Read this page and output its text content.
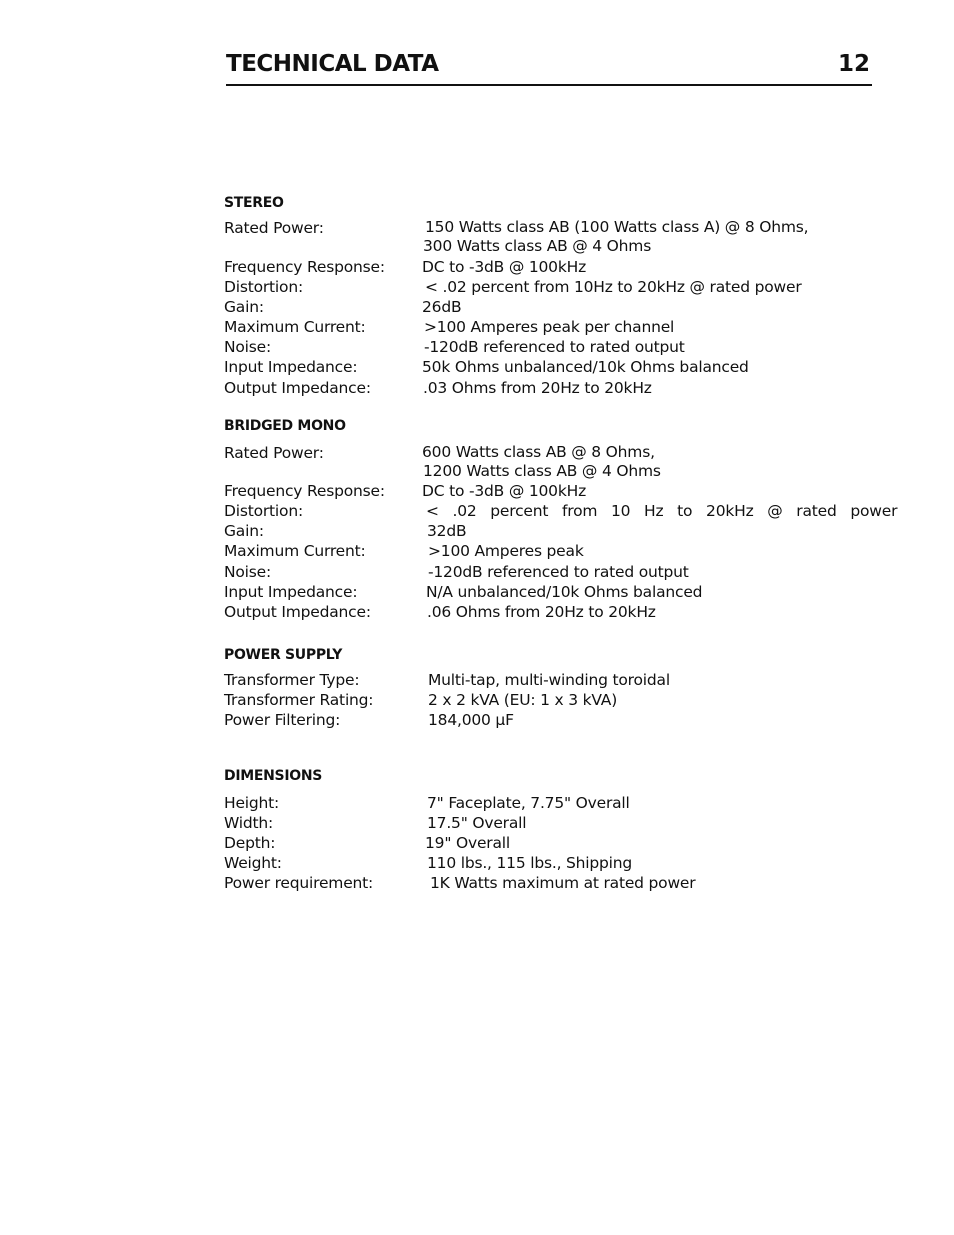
TECHNICAL DATA	12
STEREO
Rated Power:	150 Watts class AB (100 Watts class A) @ 8 Ohms,
300 Watts class AB @ 4 Ohms
Frequency Response: DC to -3dB @ 100kHz
Distortion:	< .02 percent from 10Hz to 20kHz @ rated power
Gain:	26dB
Maximum Current:	>100 Amperes peak per channel
Noise:	-120dB referenced to rated output
Input Impedance:	50k Ohms unbalanced/10k Ohms balanced
Output Impedance:	.03 Ohms from 20Hz to 20kHz
BRIDGED MONO
Rated Power:	600 Watts class AB @ 8 Ohms,
1200 Watts class AB @ 4 Ohms
Frequency Response: DC to -3dB @ 100kHz
Distortion:	< .02 percent from 10 Hz to 20kHz @ rated power
Gain:	32dB
Maximum Current:	>100 Amperes peak
Noise:	-120dB referenced to rated output
Input Impedance:	N/A unbalanced/10k Ohms balanced
Output Impedance:	.06 Ohms from 20Hz to 20kHz
POWER SUPPLY
Transformer Type:	Multi-tap, multi-winding toroidal
Transformer Rating:	2 x 2 kVA (EU: 1 x 3 kVA)
Power Filtering:	184,000 µF
DIMENSIONS
Height:	7" Faceplate, 7.75" Overall
Width:	17.5" Overall
Depth:	19" Overall
Weight:	110 lbs., 115 lbs., Shipping
Power requirement:	1K Watts maximum at rated power
